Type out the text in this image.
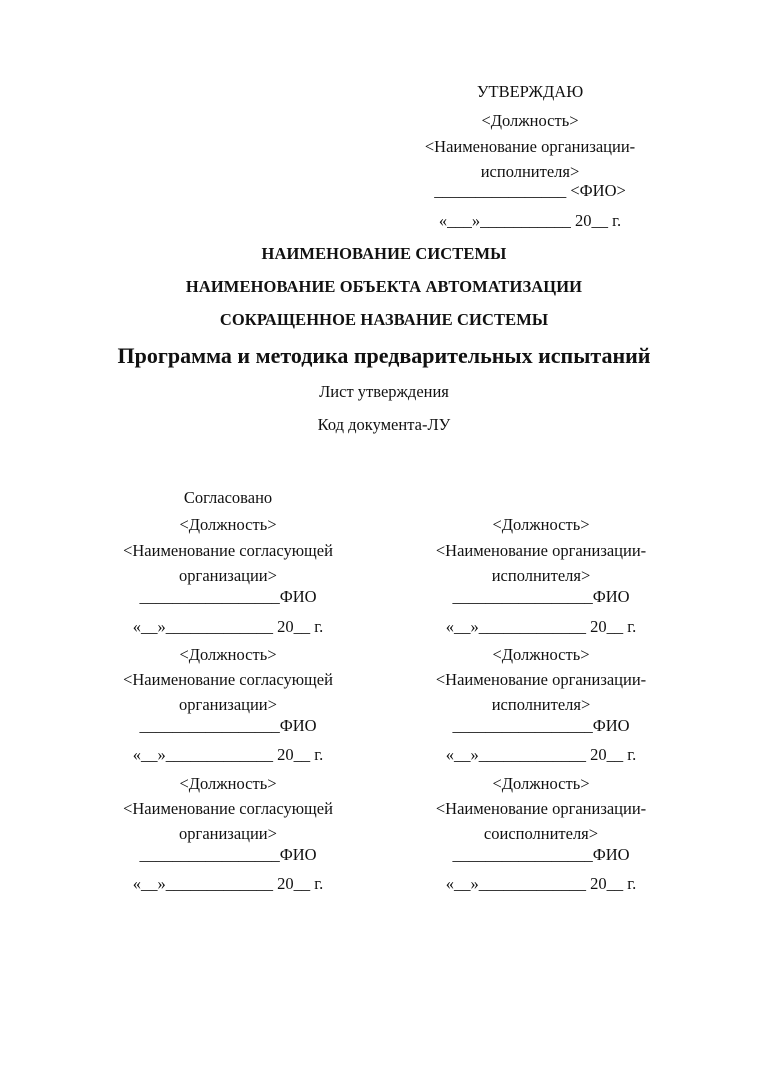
УТВЕРЖДАЮ
<Должность>
<Наименование организации-
исполнителя>
________________ <ФИО>
«___»___________ 20__ г.
НАИМЕНОВАНИЕ СИСТЕМЫ
НАИМЕНОВАНИЕ ОБЪЕКТА АВТОМАТИЗАЦИИ
СОКРАЩЕННОЕ НАЗВАНИЕ СИСТЕМЫ
Программа и методика предварительных испытаний
Лист утверждения
Код документа-ЛУ
Согласовано
<Должность>
<Наименование согласующей
организации>
_________________ФИО
«__»_____________ 20__ г.
<Должность>
<Наименование согласующей
организации>
_________________ФИО
«__»_____________ 20__ г.
<Должность>
<Наименование согласующей
организации>
_________________ФИО
«__»_____________ 20__ г.
<Должность>
<Наименование организации-
исполнителя>
_________________ФИО
«__»_____________ 20__ г.
<Должность>
<Наименование организации-
исполнителя>
_________________ФИО
«__»_____________ 20__ г.
<Должность>
<Наименование организации-
соисполнителя>
_________________ФИО
«__»_____________ 20__ г.
